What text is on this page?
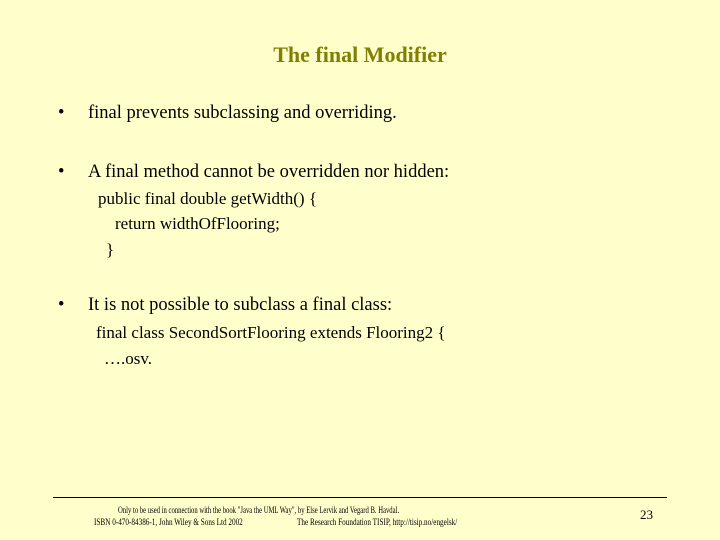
The final Modifier
• final prevents subclassing and overriding.
• A final method cannot be overridden nor hidden:
public final double getWidth() {
return widthOfFlooring;
}
• It is not possible to subclass a final class:
final class SecondSortFlooring extends Flooring2 {
….osv.
Only to be used in connection with the book "Java the UML Way", by Else Lervik and Vegard B. Havdal.
ISBN 0-470-84386-1, John Wiley & Sons Ltd 2002	The Research Foundation TISIP, http://tisip.no/engelsk/	23
